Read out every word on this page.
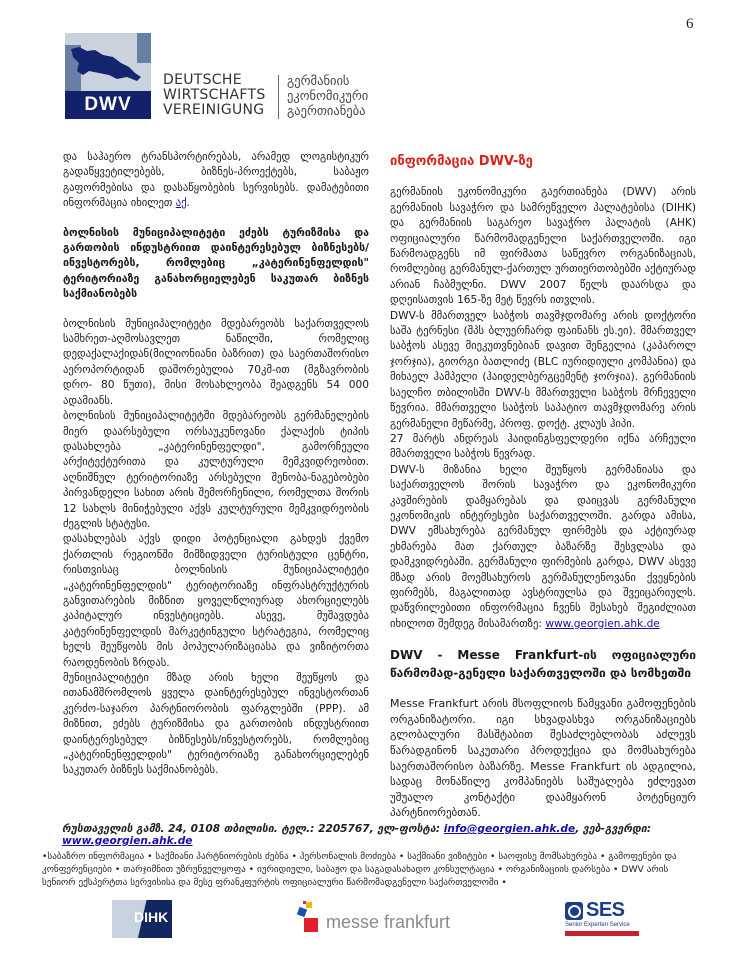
6
DWV
DEUTSCHE
WIRTSCHAFTS
VEREINIGUNG
გერმანიის
ეკონომიკური
გაერთიანება

და საჰაერო ტრანსპორტირებას, არამედ ლოგისტიკურ გადაწყვეტილებებს, ბიზნეს-პროექტებს, საბაჟო გაფორმებისა და დასაწყობების სერვისებს. დამატებითი ინფორმაცია იხილეთ აქ.

ბოლნისის მუნიციპალიტეტი ეძებს ტურიზმისა და გართობის ინდუსტრიით დაინტერესებულ ბიზნესებს/ინვესტორებს, რომლებიც „კატერინენფელდის" ტერიტორიაზე განახორციელებენ საკუთარ ბიზნეს საქმიანობებს

ბოლნისის მუნიციპალიტეტი მდებარეობს საქართველოს სამხრეთ-აღმოსავლეთ ნაწილში, რომელიც დედაქალაქიდან(მილიონიანი ბაზრით) და საერთაშორისო აეროპორტიდან დაშორებულია 70კმ-ით (მგზავრობის დრო- 80 წუთი), მისი მოსახლეობა შეადგენს 54 000 ადამიანს.

ბოლნისის მუნიციპალიტეტში მდებარეობს გერმანელების მიერ დაარსებული ორსაუკუნოვანი ქალაქის ტიპის დასახლება „კატერინენფელდი", გამორჩეული არქიტექტურითა და კულტურული მემკვიდრეობით. აღნიშნულ ტერიტორიაზე არსებული შენობა-ნაგებობები პირვანდელი სახით არის შემორჩენილი, რომელთა შორის 12 სახლს მინიჭებული აქვს კულტურული მემკვიდრეობის ძეგლის სტატუსი.

დასახლებას აქვს დიდი პოტენციალი გახდეს ქვემო ქართლის რეგიონში მიმზიდველი ტურისტული ცენტრი, რისთვისაც ბოლნისის მუნიციპალიტეტი „კატერინენფელდის" ტერიტორიაზე ინფრასტრუქტურის განვითარების მიზნით ყოველწლიურად ახორციელებს კაპიტალურ ინვესტიციებს. ასევე, მუშავდება კატერინენფელდის მარკეტინგული სტრატეგია, რომელიც ხელს შეუწყობს მის პოპულარიზაციასა და ვიზიტორთა რაოდენობის ზრდას.

მუნიციპალიტეტი მზად არის ხელი შეუწყოს და ითანამშრომლოს ყველა დაინტერესებულ ინვესტორთან კერძო-საჯარო პარტნიორობის ფარგლებში (PPP). ამ მიზნით, ეძებს ტურიზმისა და გართობის ინდუსტრიით დაინტერესებულ ბიზნესებს/ინვესტორებს, რომლებიც „კატერინენფელდის" ტერიტორიაზე განახორციელებენ საკუთარ ბიზნეს საქმიანობებს.

ინფორმაცია DWV-ზე

გერმანიის ეკონომიკური გაერთიანება (DWV) არის გერმანიის სავაჭრო და სამრეწველო პალატებისა (DIHK) და გერმანიის საგარეო სავაჭრო პალატის (AHK) ოფიციალური წარმომადგენელი საქართველოში. იგი წარმოადგენს იმ ფირმათა საწევრო ორგანიზაციას, რომლებიც გერმანულ-ქართულ ურთიერთობებში აქტიურად არიან ჩაბმულნი. DWV 2007 წელს დაარსდა და დღეისათვის 165-ზე მეტ წევრს ითვლის.

DWV-ს მმართველ საბჭოს თავმჯდომარე არის დოქტორი საშა ტერნესი (შპს ბლუერჩარდ ფაინანს ეს.ეი). მმართველ საბჭოს ასევე მიეკუთვნებიან დავით შენგელია (კაპაროლ ჯორჯია), გიორგი ბათლიძე (BLC იურიდიული კომპანია) და მიხაელ ჰამპელი (ჰაიდელბერგცემენტ ჯორჯია). გერმანიის საელჩო თბილისში DWV-ს მმართველი საბჭოს მრჩეველი წევრია. მმართველი საბჭოს საპატიო თავმჯდომარე არის გერმანელი მეწარმე, პროფ. დოქტ. კლაუს ჰიპი.

27 მარტს ანდრეას ჰაიდინგსფელდერი იქნა არჩეული მმართველი საბჭოს წევრად.

DWV-ს მიზანია ხელი შეუწყოს გერმანიასა და საქართველოს შორის სავაჭრო და ეკონომიკური კავშირების დამყარებას და დაიცვას გერმანული ეკონომიკის ინტერესები საქართველოში. გარდა ამისა, DWV ემსახურება გერმანულ ფირმებს და აქტიურად ეხმარება მათ ქართულ ბაზარზე შესვლასა და დამკვიდრებაში. გერმანული ფირმების გარდა, DWV ასევე მზად არის მოემსახუროს გერმანულენოვანი ქვეყნების ფირმებს, მაგალითად ავსტრიულსა და შვეიცარიულს. დაწვრილებითი ინფორმაცია ჩვენს შესახებ შეგიძლიათ იხილოთ შემდეგ მისამართზე: www.georgien.ahk.de

DWV - Messe Frankfurt-ის ოფიციალური წარმომად-გენელი საქართველოში და სომხეთში

Messe Frankfurt არის მსოფლიოს წამყვანი გამოფენების ორგანიზატორი. იგი სხვადასხვა ორგანიზაციებს გლობალური მასშტაბით შესაძლებლობას აძლევს წარადგინონ საკუთარი პროდუქცია და მომსახურება საერთაშორისო ბაზარზე. Messe Frankfurt ის ადგილია, სადაც მონაწილე კომპანიებს საშუალება ეძლევათ უშუალო კონტაქტი დაამყარონ პოტენციურ პარტნიორებთან.

რუსთაველის გამზ. 24, 0108 თბილისი. ტელ.: 2205767, ელ-ფოსტა: info@georgien.ahk.de, ვებ-გვერდი: www.georgien.ahk.de
•საბაზრო ინფორმაცია • საქმიანი პარტნიორების ძებნა • პერსონალის მოძიება • საქმიანი ვიზიტები • საოფისე მომსახურება • გამოფენები და კონფერენციები • თარჯიმნით უზრუნველყოფა • იურიდიული, საბაჟო და საგადასახადო კონსულტაცია • ორგანიზაციის დარსება • DWV არის სენიორ ექსპერტთა სერვისისა და მესე ფრანკფურტის ოფიციალური წარმომადგენელი საქართველოში •
DIHK	messe frankfurt
SES
Senior Experten Service
